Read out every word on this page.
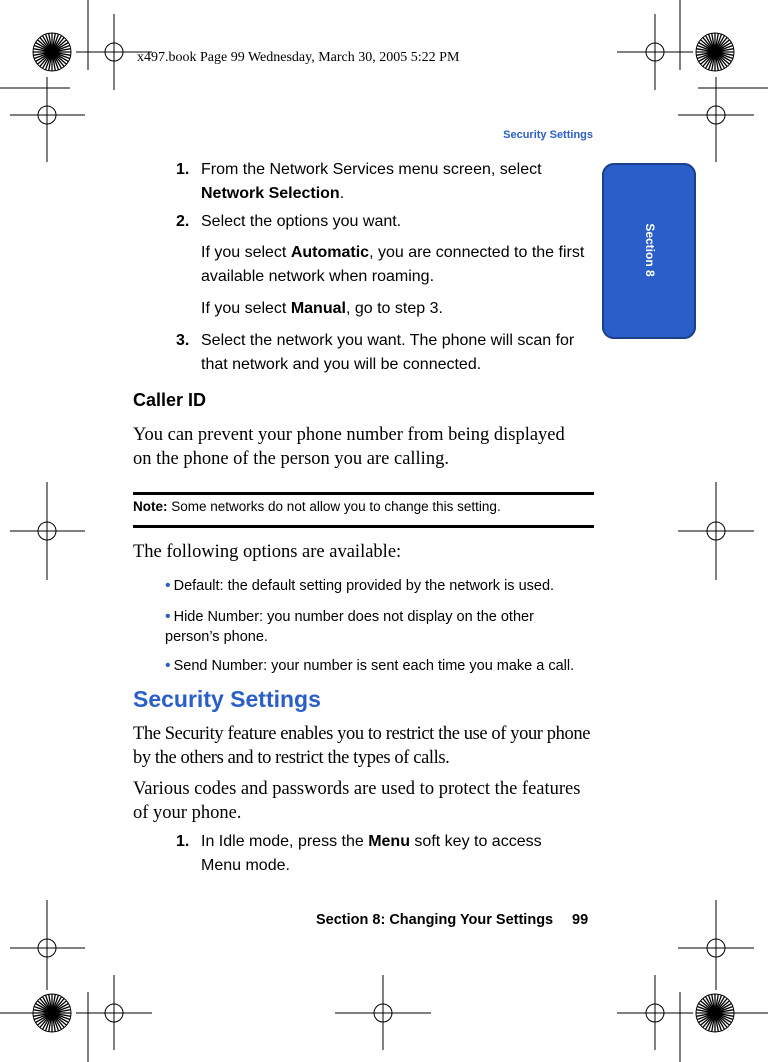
x497.book Page 99 Wednesday, March 30, 2005 5:22 PM
Security Settings
Section 8
1. From the Network Services menu screen, select Network Selection.
2. Select the options you want.
If you select Automatic, you are connected to the first available network when roaming.
If you select Manual, go to step 3.
3. Select the network you want. The phone will scan for that network and you will be connected.
Caller ID
You can prevent your phone number from being displayed on the phone of the person you are calling.
Note: Some networks do not allow you to change this setting.
The following options are available:
• Default: the default setting provided by the network is used.
• Hide Number: you number does not display on the other person’s phone.
• Send Number: your number is sent each time you make a call.
Security Settings
The Security feature enables you to restrict the use of your phone by the others and to restrict the types of calls.
Various codes and passwords are used to protect the features of your phone.
1. In Idle mode, press the Menu soft key to access Menu mode.
Section 8: Changing Your Settings 99
